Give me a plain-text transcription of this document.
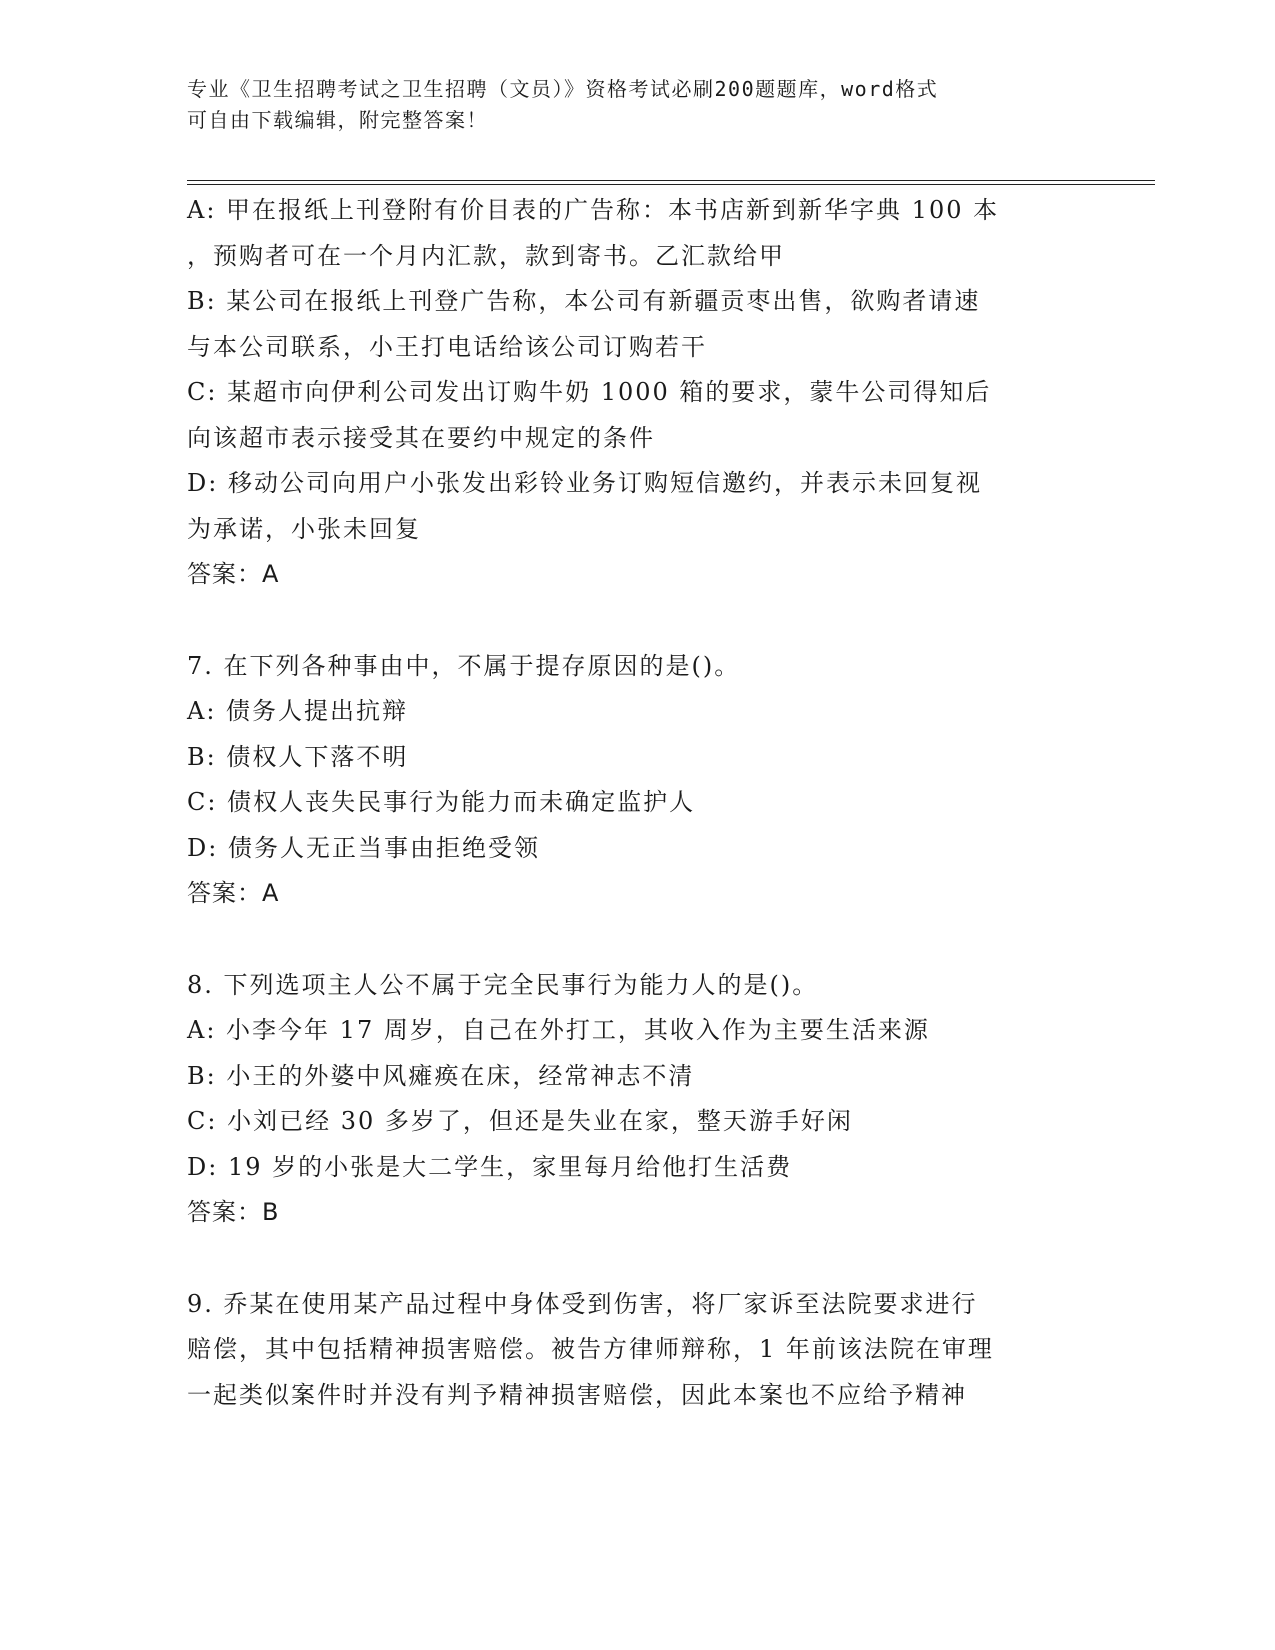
专业《卫生招聘考试之卫生招聘（文员）》资格考试必刷200题题库，word格式
可自由下载编辑，附完整答案！

A: 甲在报纸上刊登附有价目表的广告称：本书店新到新华字典 100 本

，预购者可在一个月内汇款，款到寄书。乙汇款给甲

B: 某公司在报纸上刊登广告称，本公司有新疆贡枣出售，欲购者请速

与本公司联系，小王打电话给该公司订购若干

C: 某超市向伊利公司发出订购牛奶 1000 箱的要求，蒙牛公司得知后

向该超市表示接受其在要约中规定的条件

D: 移动公司向用户小张发出彩铃业务订购短信邀约，并表示未回复视

为承诺，小张未回复

答案：A

7. 在下列各种事由中，不属于提存原因的是()。

A: 债务人提出抗辩

B: 债权人下落不明

C: 债权人丧失民事行为能力而未确定监护人

D: 债务人无正当事由拒绝受领

答案：A

8. 下列选项主人公不属于完全民事行为能力人的是()。

A: 小李今年 17 周岁，自己在外打工，其收入作为主要生活来源

B: 小王的外婆中风瘫痪在床，经常神志不清

C: 小刘已经 30 多岁了，但还是失业在家，整天游手好闲

D: 19 岁的小张是大二学生，家里每月给他打生活费

答案：B

9. 乔某在使用某产品过程中身体受到伤害，将厂家诉至法院要求进行

赔偿，其中包括精神损害赔偿。被告方律师辩称，1 年前该法院在审理

一起类似案件时并没有判予精神损害赔偿，因此本案也不应给予精神
